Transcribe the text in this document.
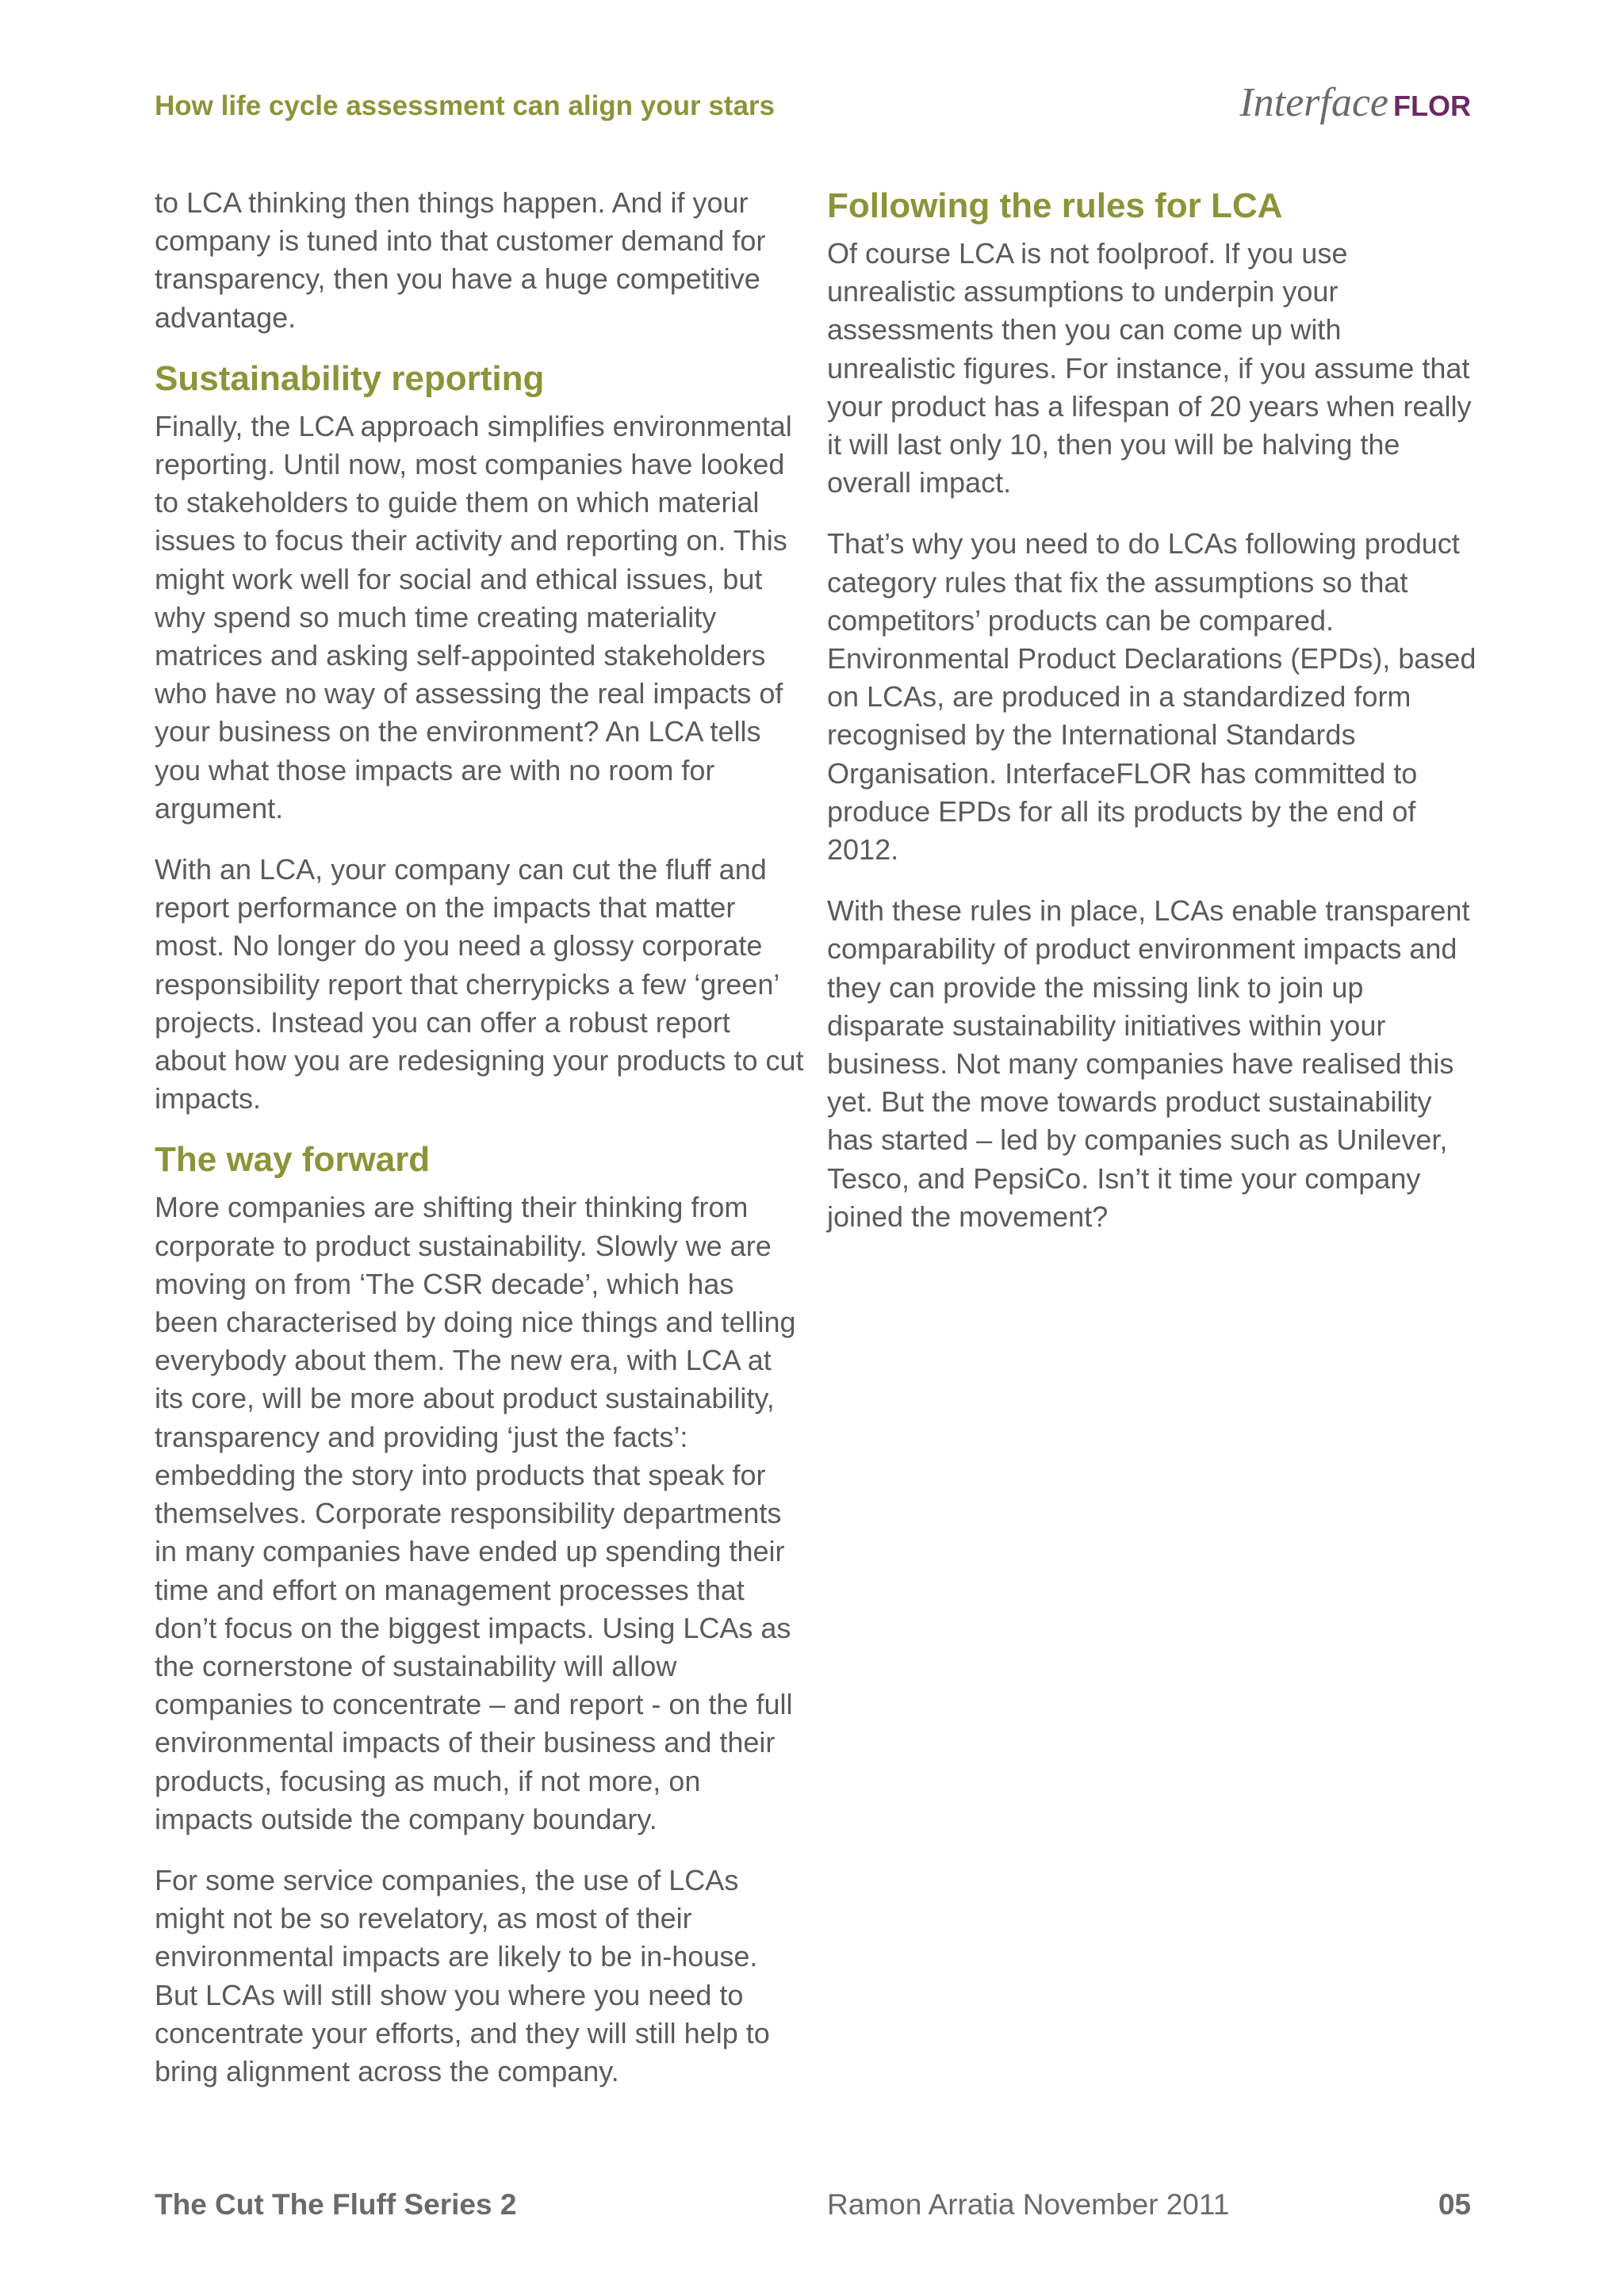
How life cycle assessment can align your stars	Interface FLOR

to LCA thinking then things happen. And if your company is tuned into that customer demand for transparency, then you have a huge competitive advantage.

Sustainability reporting

Finally, the LCA approach simplifies environmental reporting. Until now, most companies have looked to stakeholders to guide them on which material issues to focus their activity and reporting on. This might work well for social and ethical issues, but why spend so much time creating materiality matrices and asking self-appointed stakeholders who have no way of assessing the real impacts of your business on the environment? An LCA tells you what those impacts are with no room for argument.

With an LCA, your company can cut the fluff and report performance on the impacts that matter most. No longer do you need a glossy corporate responsibility report that cherrypicks a few ‘green’ projects. Instead you can offer a robust report about how you are redesigning your products to cut impacts.

The way forward

More companies are shifting their thinking from corporate to product sustainability. Slowly we are moving on from ‘The CSR decade’, which has been characterised by doing nice things and telling everybody about them. The new era, with LCA at its core, will be more about product sustainability, transparency and providing ‘just the facts’: embedding the story into products that speak for themselves. Corporate responsibility departments in many companies have ended up spending their time and effort on management processes that don’t focus on the biggest impacts. Using LCAs as the cornerstone of sustainability will allow companies to concentrate – and report - on the full environmental impacts of their business and their products, focusing as much, if not more, on impacts outside the company boundary.

For some service companies, the use of LCAs might not be so revelatory, as most of their environmental impacts are likely to be in-house. But LCAs will still show you where you need to concentrate your efforts, and they will still help to bring alignment across the company.

Following the rules for LCA

Of course LCA is not foolproof. If you use unrealistic assumptions to underpin your assessments then you can come up with unrealistic figures. For instance, if you assume that your product has a lifespan of 20 years when really it will last only 10, then you will be halving the overall impact.

That’s why you need to do LCAs following product category rules that fix the assumptions so that competitors’ products can be compared. Environmental Product Declarations (EPDs), based on LCAs, are produced in a standardized form recognised by the International Standards Organisation. InterfaceFLOR has committed to produce EPDs for all its products by the end of 2012.

With these rules in place, LCAs enable transparent comparability of product environment impacts and they can provide the missing link to join up disparate sustainability initiatives within your business. Not many companies have realised this yet. But the move towards product sustainability has started – led by companies such as Unilever, Tesco, and PepsiCo. Isn’t it time your company joined the movement?

The Cut The Fluff Series 2	Ramon Arratia November 2011	05
